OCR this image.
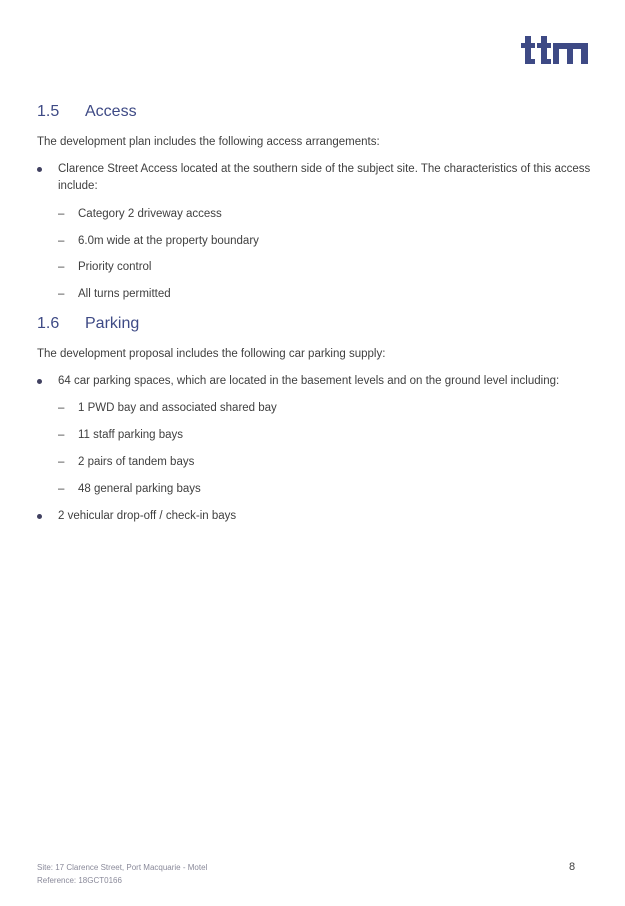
1.5 Access
The development plan includes the following access arrangements:
Clarence Street Access located at the southern side of the subject site. The characteristics of this access include:
– Category 2 driveway access
– 6.0m wide at the property boundary
– Priority control
– All turns permitted
1.6 Parking
The development proposal includes the following car parking supply:
64 car parking spaces, which are located in the basement levels and on the ground level including:
– 1 PWD bay and associated shared bay
– 11 staff parking bays
– 2 pairs of tandem bays
– 48 general parking bays
2 vehicular drop-off / check-in bays
Site: 17 Clarence Street, Port Macquarie - Motel
Reference: 18GCT0166
8
